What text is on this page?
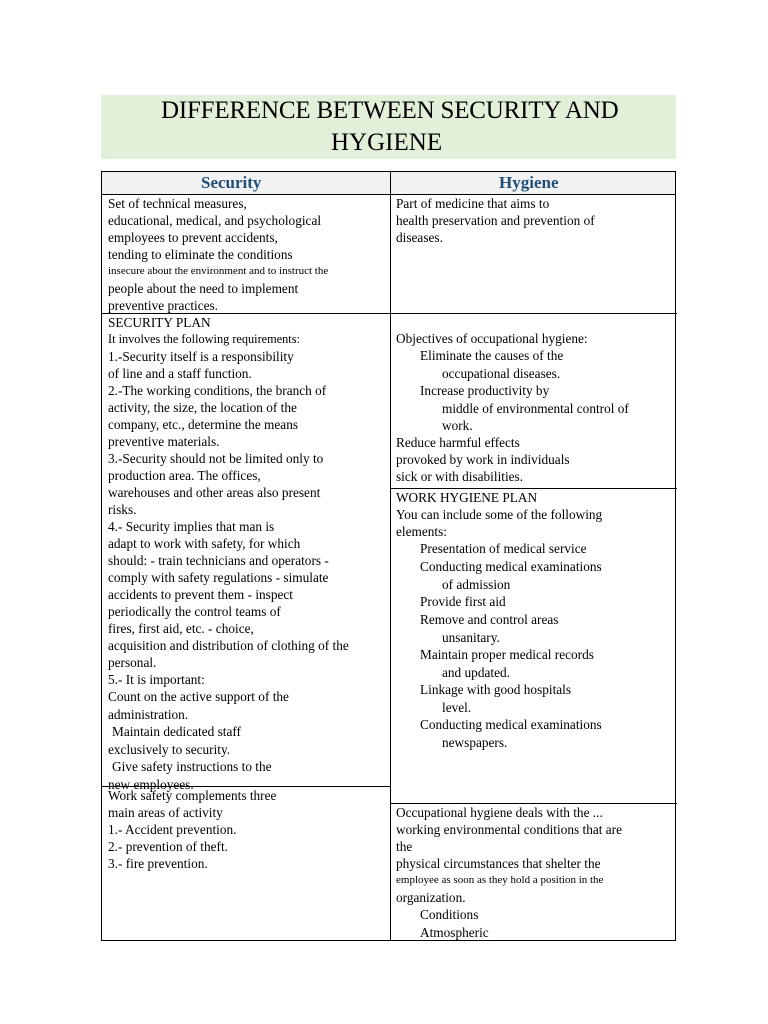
DIFFERENCE BETWEEN SECURITY AND
HYGIENE
Security	Hygiene
Set of technical measures,
educational, medical, and psychological
employees to prevent accidents,
tending to eliminate the conditions
insecure about the environment and to instruct the
people about the need to implement
preventive practices.
Part of medicine that aims to
health preservation and prevention of
diseases.
SECURITY PLAN
It involves the following requirements:
1.-Security itself is a responsibility
of line and a staff function.
2.-The working conditions, the branch of
activity, the size, the location of the
company, etc., determine the means
preventive materials.
3.-Security should not be limited only to
production area. The offices,
warehouses and other areas also present
risks.
4.- Security implies that man is
adapt to work with safety, for which
should: - train technicians and operators -
comply with safety regulations - simulate
accidents to prevent them - inspect
periodically the control teams of
fires, first aid, etc. - choice,
acquisition and distribution of clothing of the
personal.
5.- It is important:
Count on the active support of the
administration.
Maintain dedicated staff
exclusively to security.
Give safety instructions to the
new employees.
Work safety complements three
main areas of activity
1.- Accident prevention.
2.- prevention of theft.
3.- fire prevention.
Objectives of occupational hygiene:
Eliminate the causes of the
occupational diseases.
Increase productivity by
middle of environmental control of
work.
Reduce harmful effects
provoked by work in individuals
sick or with disabilities.
WORK HYGIENE PLAN
You can include some of the following
elements:
Presentation of medical service
Conducting medical examinations
of admission
Provide first aid
Remove and control areas
unsanitary.
Maintain proper medical records
and updated.
Linkage with good hospitals
level.
Conducting medical examinations
newspapers.
Occupational hygiene deals with the ...
working environmental conditions that are
the
physical circumstances that shelter the
employee as soon as they hold a position in the
organization.
Conditions
Atmospheric
